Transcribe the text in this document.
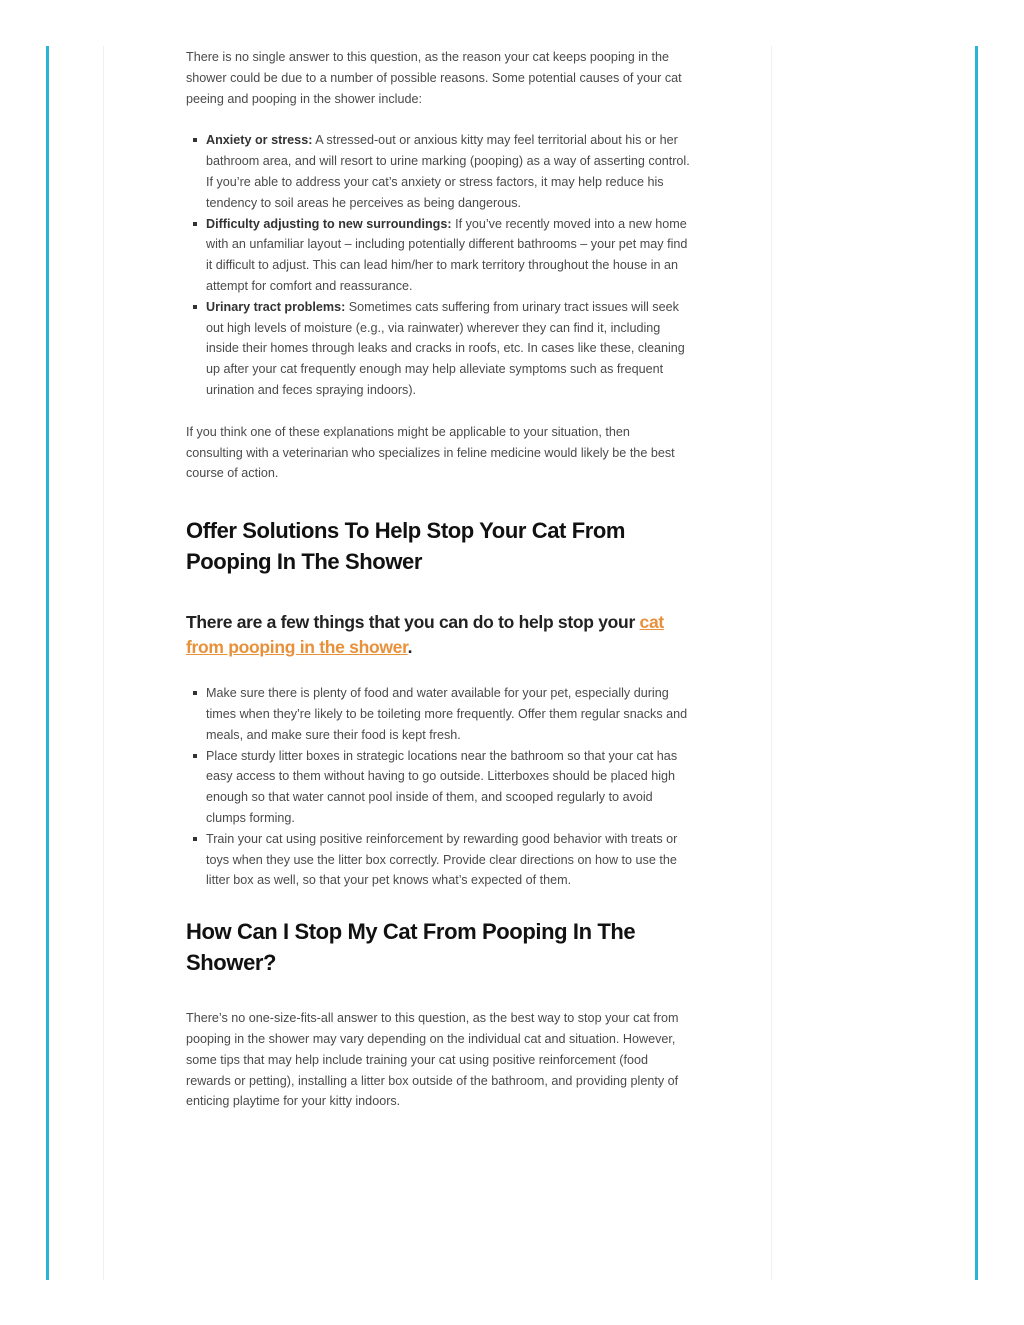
There is no single answer to this question, as the reason your cat keeps pooping in the shower could be due to a number of possible reasons. Some potential causes of your cat peeing and pooping in the shower include:

Anxiety or stress: A stressed-out or anxious kitty may feel territorial about his or her bathroom area, and will resort to urine marking (pooping) as a way of asserting control. If you’re able to address your cat’s anxiety or stress factors, it may help reduce his tendency to soil areas he perceives as being dangerous.
Difficulty adjusting to new surroundings: If you’ve recently moved into a new home with an unfamiliar layout – including potentially different bathrooms – your pet may find it difficult to adjust. This can lead him/her to mark territory throughout the house in an attempt for comfort and reassurance.
Urinary tract problems: Sometimes cats suffering from urinary tract issues will seek out high levels of moisture (e.g., via rainwater) wherever they can find it, including inside their homes through leaks and cracks in roofs, etc. In cases like these, cleaning up after your cat frequently enough may help alleviate symptoms such as frequent urination and feces spraying indoors).

If you think one of these explanations might be applicable to your situation, then consulting with a veterinarian who specializes in feline medicine would likely be the best course of action.

Offer Solutions To Help Stop Your Cat From Pooping In The Shower
There are a few things that you can do to help stop your cat from pooping in the shower.
Make sure there is plenty of food and water available for your pet, especially during times when they’re likely to be toileting more frequently. Offer them regular snacks and meals, and make sure their food is kept fresh.
Place sturdy litter boxes in strategic locations near the bathroom so that your cat has easy access to them without having to go outside. Litterboxes should be placed high enough so that water cannot pool inside of them, and scooped regularly to avoid clumps forming.
Train your cat using positive reinforcement by rewarding good behavior with treats or toys when they use the litter box correctly. Provide clear directions on how to use the litter box as well, so that your pet knows what’s expected of them.
How Can I Stop My Cat From Pooping In The Shower?

There’s no one-size-fits-all answer to this question, as the best way to stop your cat from pooping in the shower may vary depending on the individual cat and situation. However, some tips that may help include training your cat using positive reinforcement (food rewards or petting), installing a litter box outside of the bathroom, and providing plenty of enticing playtime for your kitty indoors.
